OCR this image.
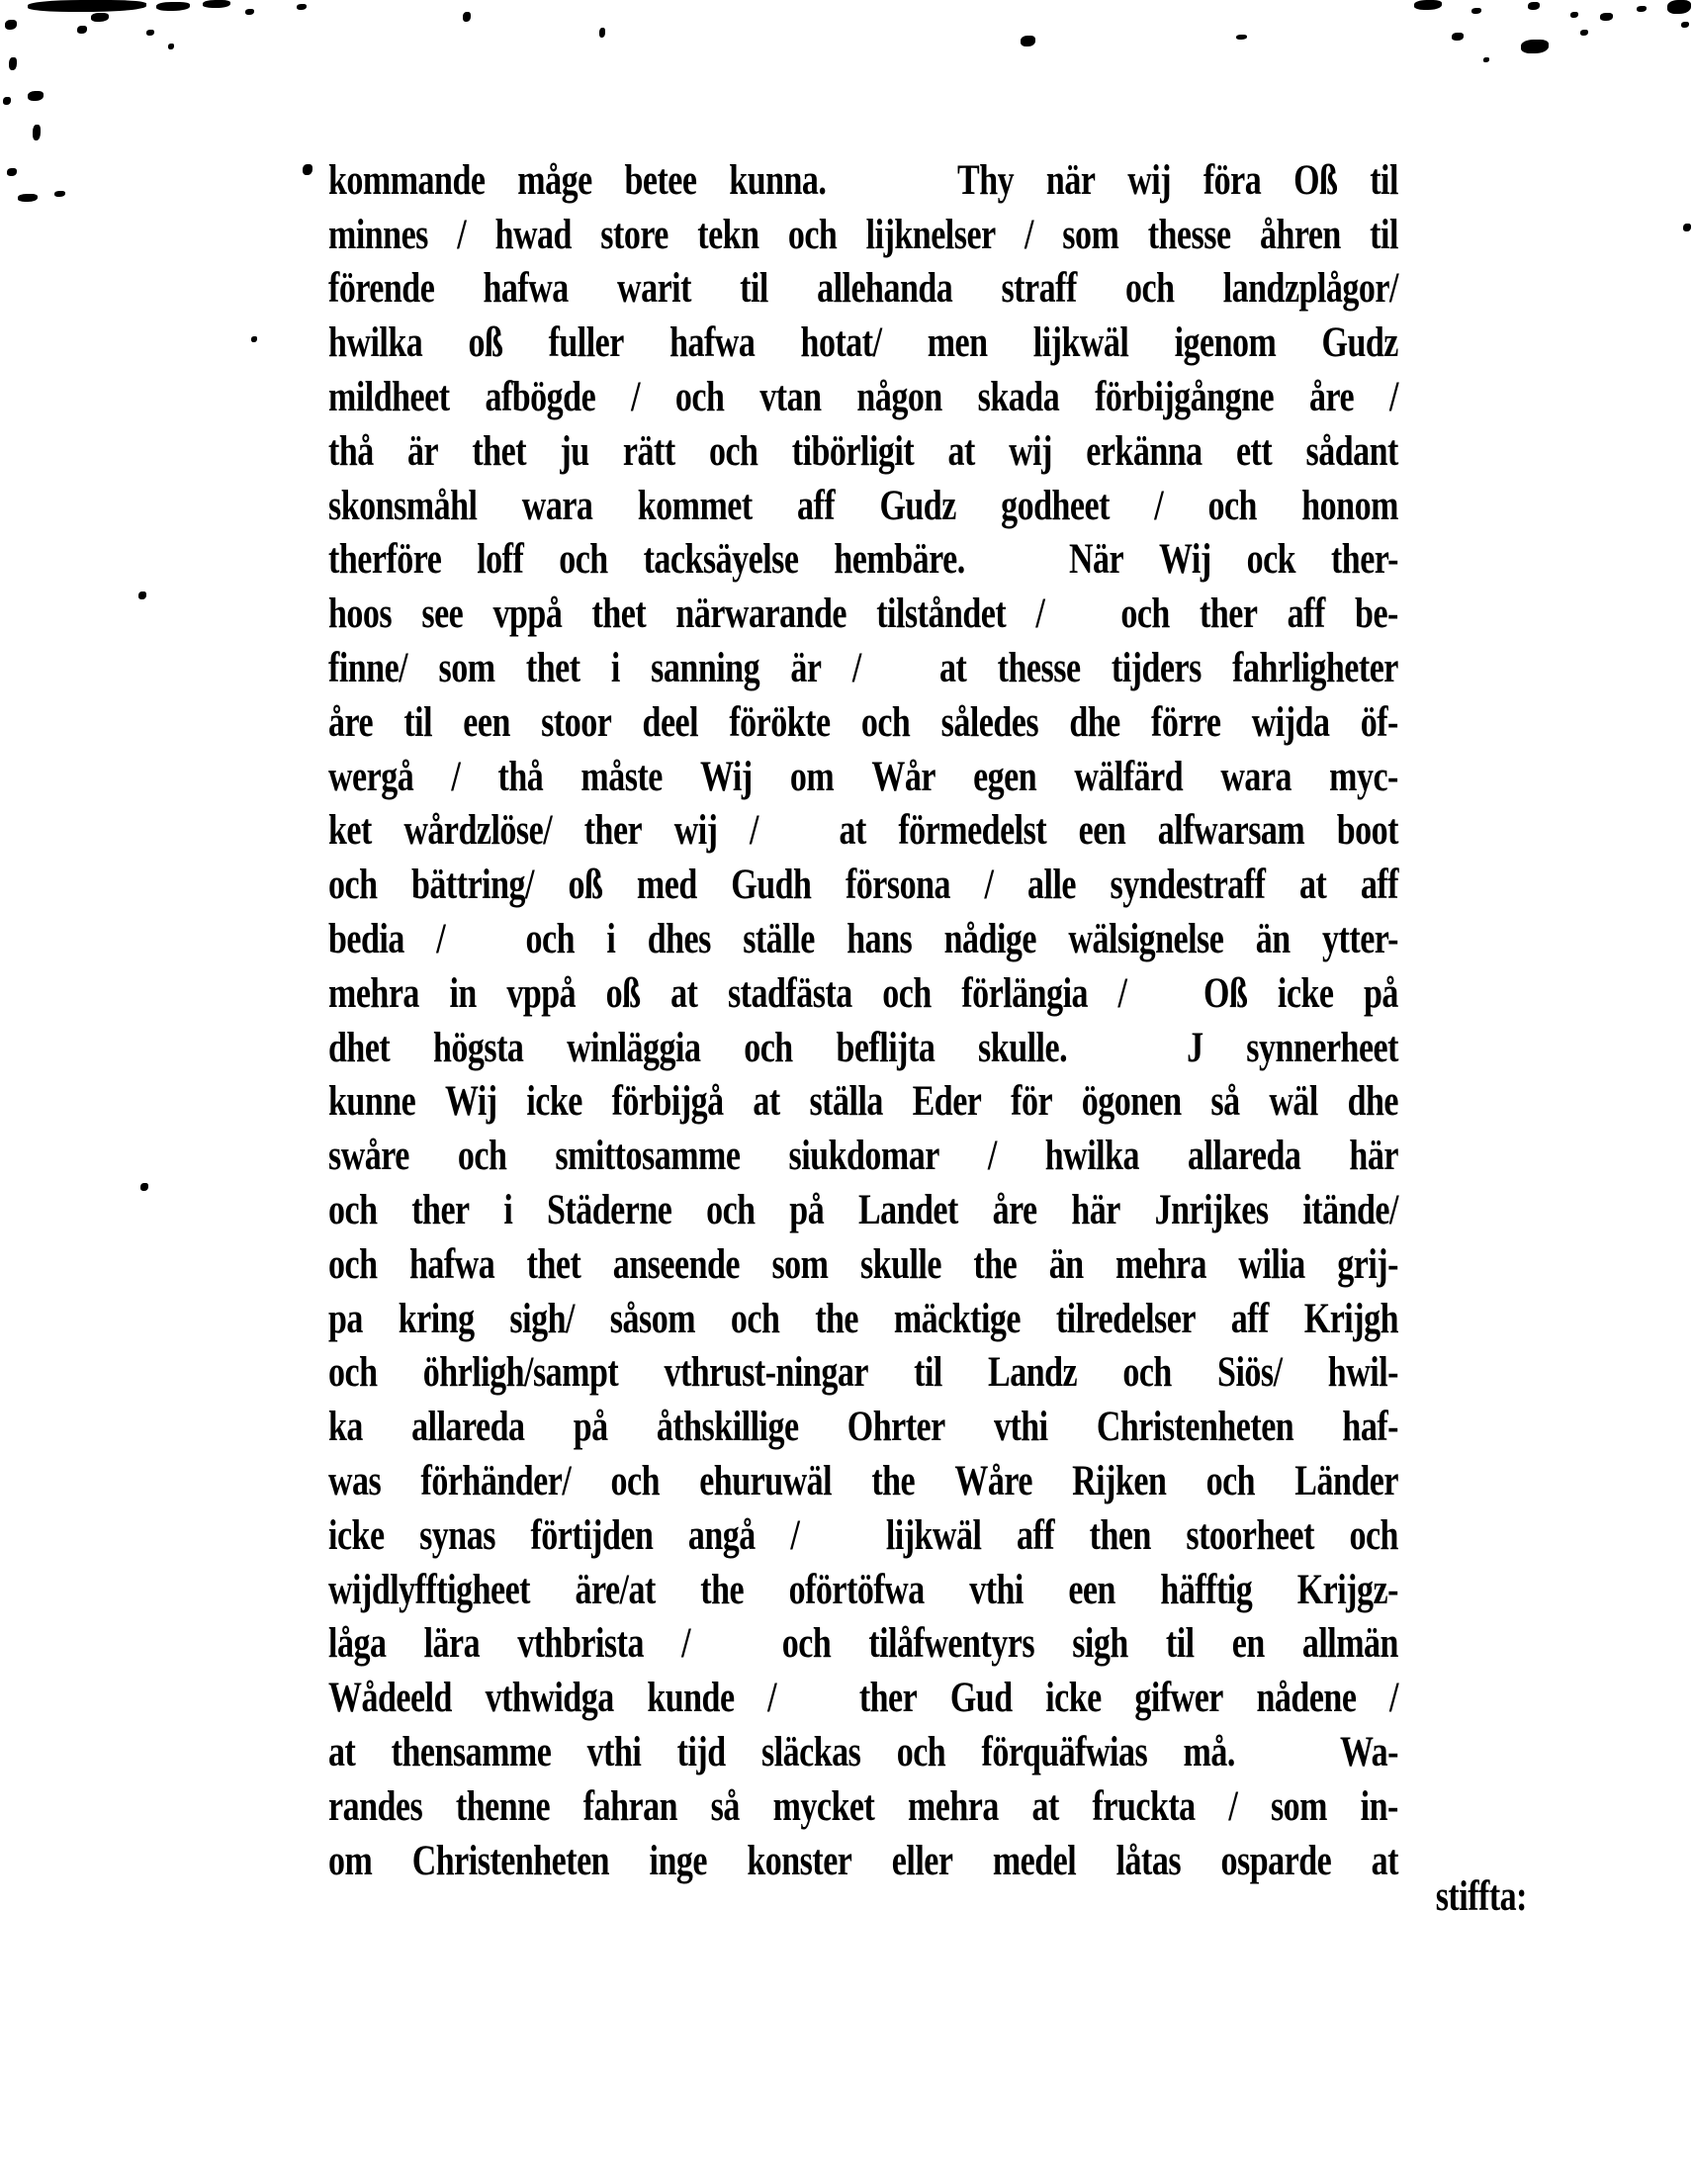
kommande måge betee kunna.
  	Thy när wij föra Oß til
minnes / hwad store tekn och lijknelser / som thesse åhren til
förende hafwa warit til allehanda straff och landzplågor/
hwilka oß fuller hafwa hotat/ men lijkwäl igenom Gudz
mildheet afbögde / och vtan någon skada förbijgångne åre /
thå är thet ju rätt och tibörligit at wij erkänna ett sådant
skonsmåhl wara kommet aff Gudz godheet / och honom
therföre loff och tacksäyelse hembäre.
 	När Wij ock ther-
hoos see vppå thet närwarande tilståndet /
  och ther aff be-
finne/ som thet i sanning är /
  at thesse tijders fahrligheter
åre til een stoor deel förökte och således dhe förre wijda öf-
wergå / thå måste Wij om Wår egen wälfärd wara myc-
ket wårdzlöse/ ther wij /
  at förmedelst een alfwarsam boot
och bättring/ oß med Gudh försona / alle syndestraff at aff
bedia /
  och i dhes ställe hans nådige wälsignelse än ytter-
mehra in vppå oß at stadfästa och förlängia /
  Oß icke på
dhet högsta winläggia och beflijta skulle.
 	J synnerheet
kunne Wij icke förbijgå at ställa Eder för ögonen så wäl dhe
swåre och smittosamme siukdomar / hwilka allareda här
och ther i Städerne och på Landet åre här Jnrijkes itände/
och hafwa thet anseende som skulle the än mehra wilia grij-
pa kring sigh/ såsom och the mäcktige tilredelser aff Krijgh
och öhrligh/sampt vthrust-ningar til Landz och Siös/ hwil-
ka allareda på åthskillige Ohrter vthi Christenheten haf-
was förhänder/ och ehuruwäl the Wåre Rijken och Länder
icke synas förtijden angå /
 	lijkwäl aff then stoorheet och
wijdlyfftigheet äre/at the oförtöfwa vthi een häfftig Krijgz-
låga lära vthbrista /
 	och tilåfwentyrs sigh til en allmän
Wådeeld vthwidga kunde /
  ther Gud icke gifwer nådene /
at thensamme vthi tijd släckas och förquäfwias må.
 	Wa-
randes thenne fahran så mycket mehra at fruckta / som in-
om Christenheten inge konster eller medel låtas osparde at
stiffta:
